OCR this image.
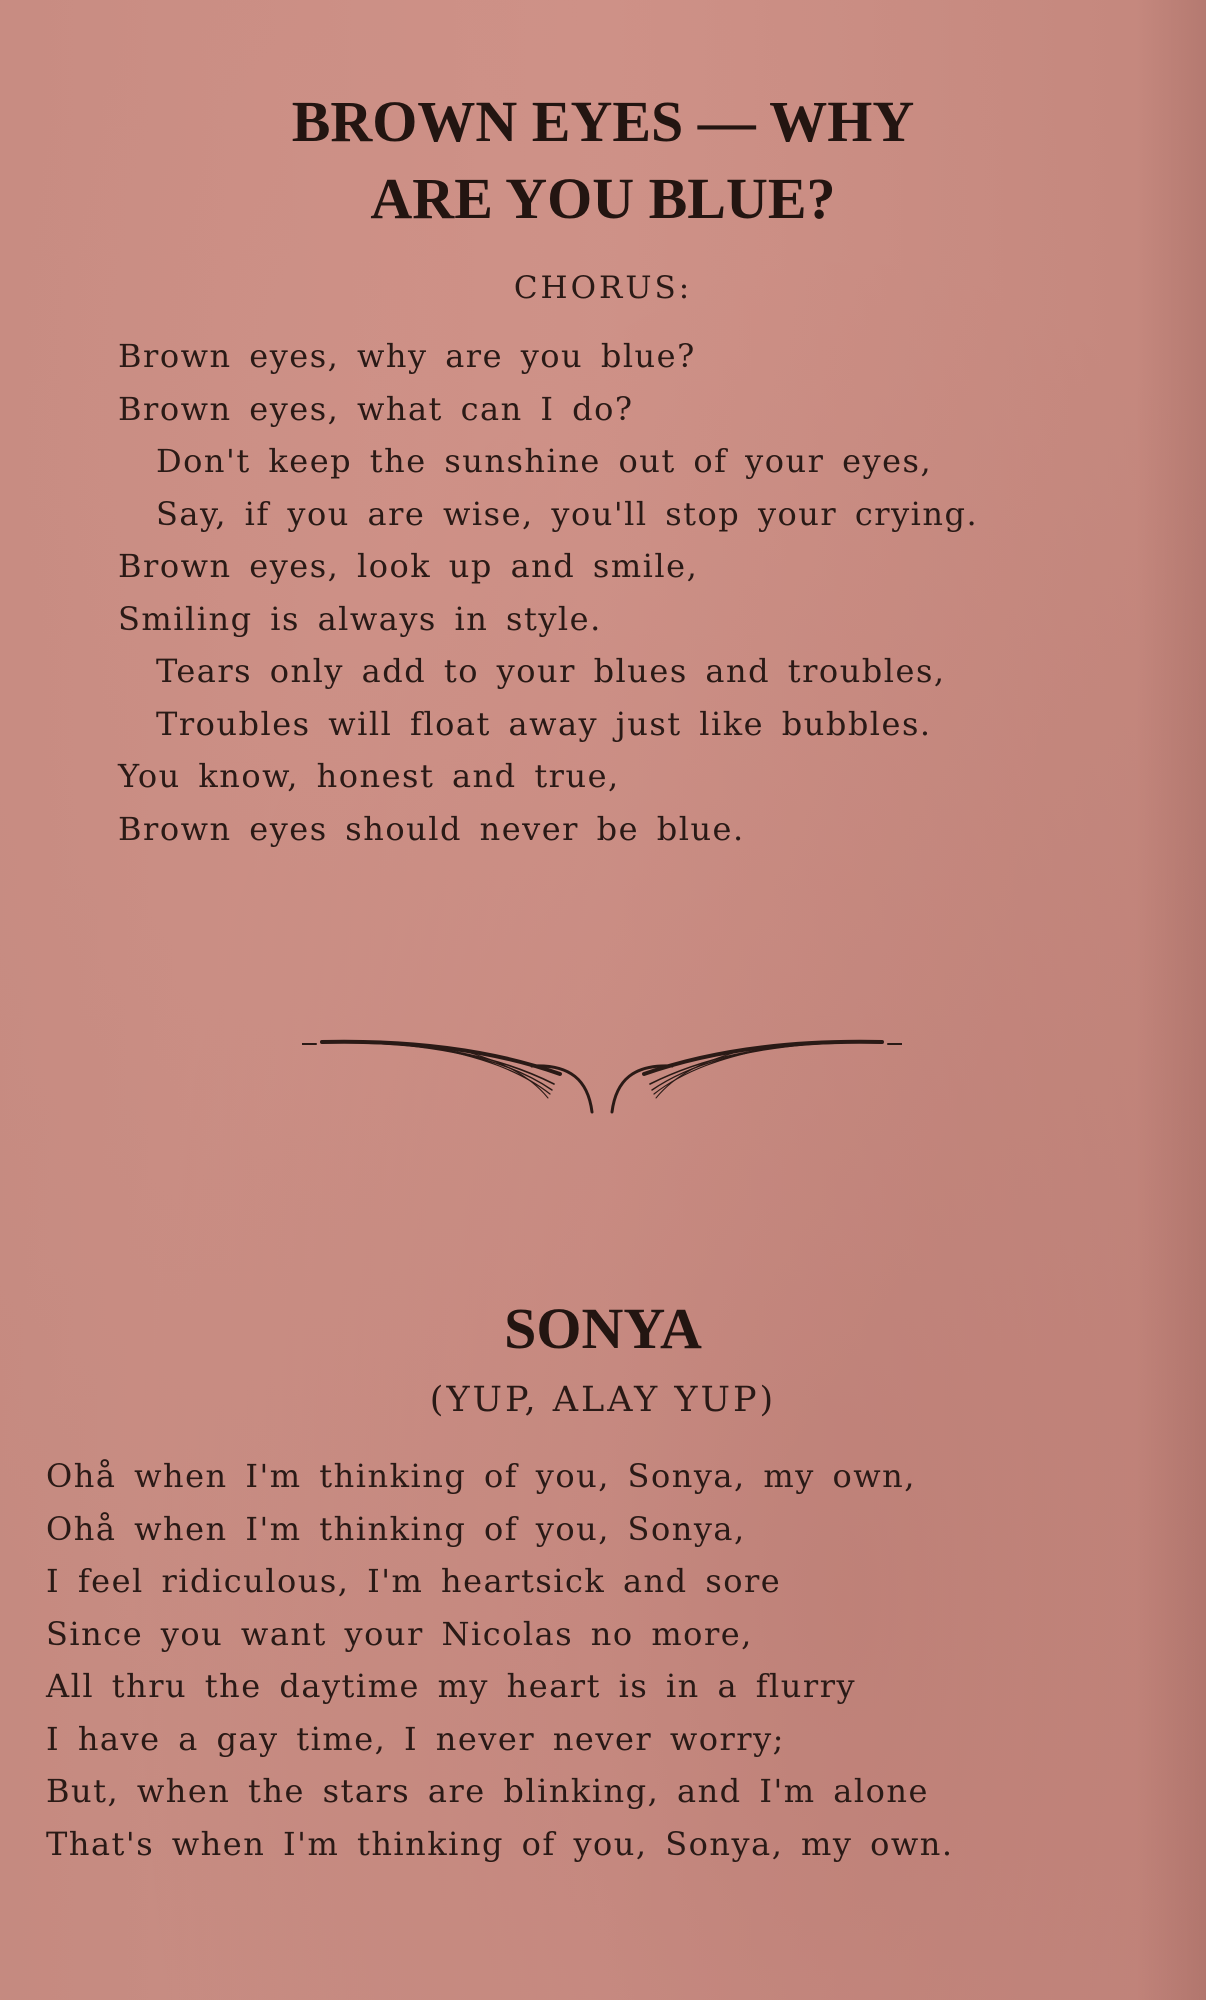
BROWN EYES — WHY
ARE YOU BLUE?
CHORUS:
Brown eyes, why are you blue?
Brown eyes, what can I do?
Don't keep the sunshine out of your eyes,
Say, if you are wise, you'll stop your crying.
Brown eyes, look up and smile,
Smiling is always in style.
Tears only add to your blues and troubles,
Troubles will float away just like bubbles.
You know, honest and true,
Brown eyes should never be blue.
SONYA
(YUP, ALAY YUP)
Ohå when I'm thinking of you, Sonya, my own,
Ohå when I'm thinking of you, Sonya,
I feel ridiculous, I'm heartsick and sore
Since you want your Nicolas no more,
All thru the daytime my heart is in a flurry
I have a gay time, I never never worry;
But, when the stars are blinking, and I'm alone
That's when I'm thinking of you, Sonya, my own.
